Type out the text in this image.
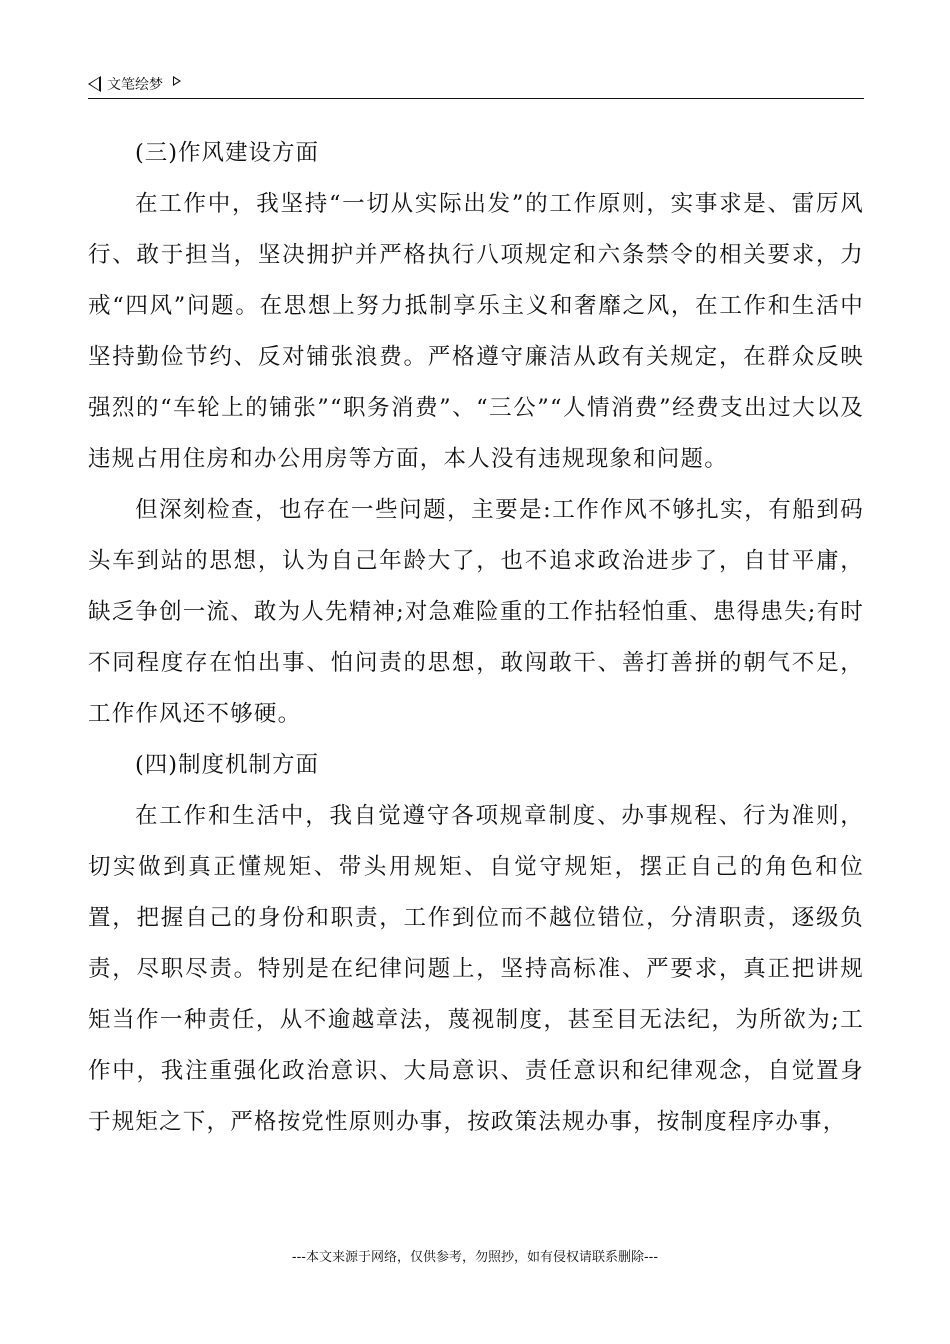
文笔绘梦

(三)作风建设方面

在工作中，我坚持“一切从实际出发”的工作原则，实事求是、雷厉风行、敢于担当，坚决拥护并严格执行八项规定和六条禁令的相关要求，力戒“四风”问题。在思想上努力抵制享乐主义和奢靡之风，在工作和生活中坚持勤俭节约、反对铺张浪费。严格遵守廉洁从政有关规定，在群众反映强烈的“车轮上的铺张”“职务消费”、“三公”“人情消费”经费支出过大以及违规占用住房和办公用房等方面，本人没有违规现象和问题。

但深刻检查，也存在一些问题，主要是:工作作风不够扎实，有船到码头车到站的思想，认为自己年龄大了，也不追求政治进步了，自甘平庸，缺乏争创一流、敢为人先精神;对急难险重的工作拈轻怕重、患得患失;有时不同程度存在怕出事、怕问责的思想，敢闯敢干、善打善拼的朝气不足，工作作风还不够硬。

(四)制度机制方面

在工作和生活中，我自觉遵守各项规章制度、办事规程、行为准则，切实做到真正懂规矩、带头用规矩、自觉守规矩，摆正自己的角色和位置，把握自己的身份和职责，工作到位而不越位错位，分清职责，逐级负责，尽职尽责。特别是在纪律问题上，坚持高标准、严要求，真正把讲规矩当作一种责任，从不逾越章法，蔑视制度，甚至目无法纪，为所欲为;工作中，我注重强化政治意识、大局意识、责任意识和纪律观念，自觉置身于规矩之下，严格按党性原则办事，按政策法规办事，按制度程序办事，

---本文来源于网络，仅供参考，勿照抄，如有侵权请联系删除---
